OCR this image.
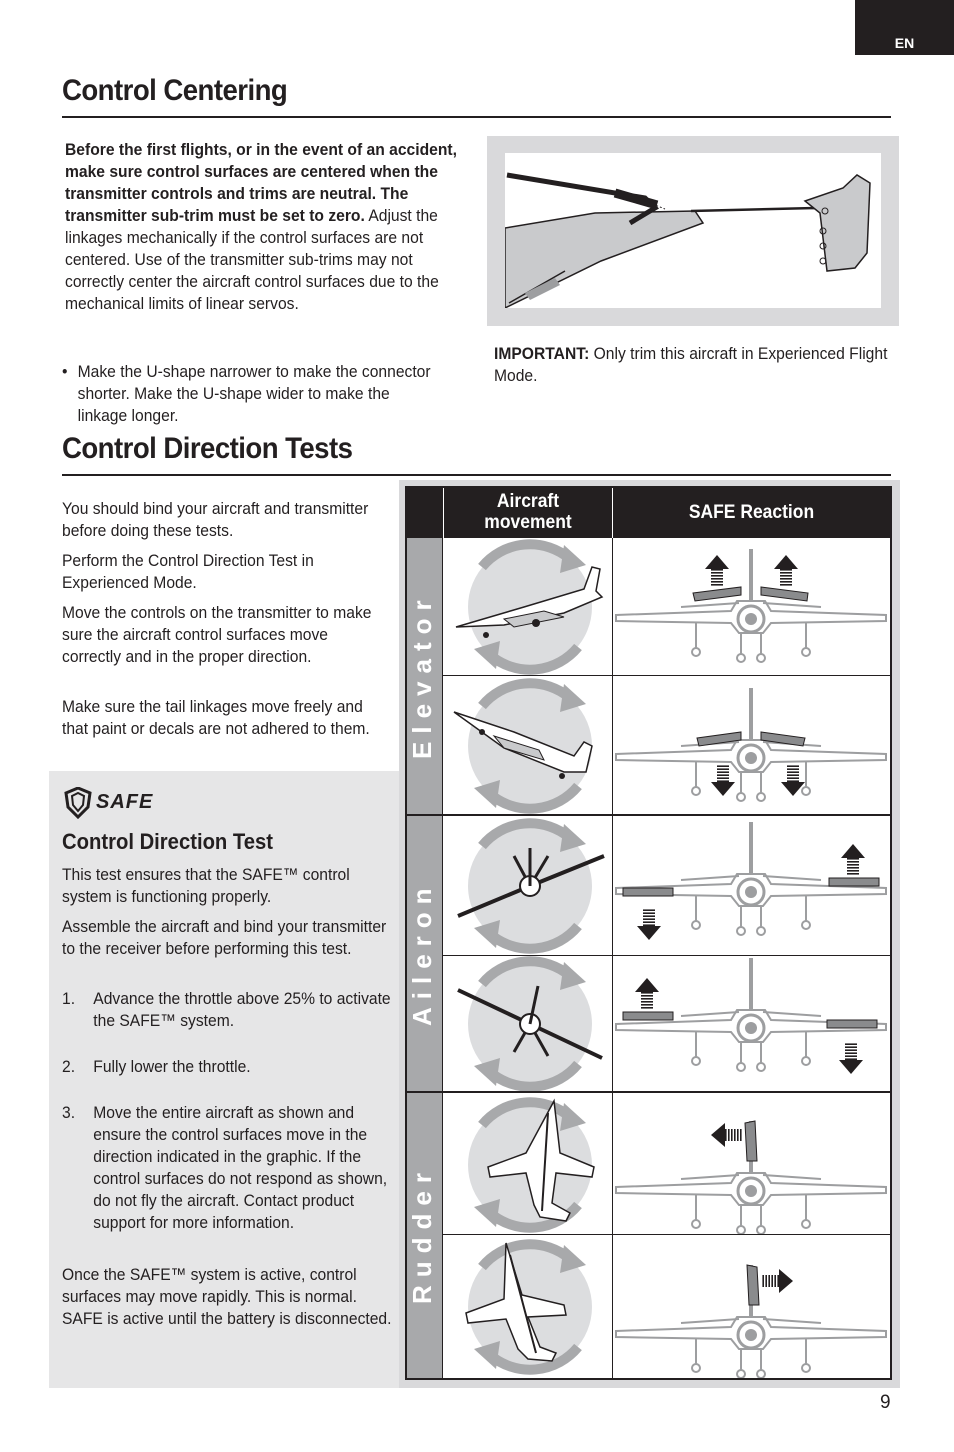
EN
Control Centering
Before the first flights, or in the event of an accident, make sure control surfaces are centered when the transmitter controls and trims are neutral. The transmitter sub-trim must be set to zero. Adjust the linkages mechanically if the control surfaces are not centered. Use of the transmitter sub-trims may not correctly center the aircraft control surfaces due to the mechanical limits of linear servos.
• Make the U-shape narrower to make the connector shorter. Make the U-shape wider to make the linkage longer.
IMPORTANT: Only trim this aircraft in Experienced Flight Mode.
Control Direction Tests

You should bind your aircraft and transmitter before doing these tests.

Perform the Control Direction Test in Experienced Mode.

Move the controls on the transmitter to make sure the aircraft control surfaces move correctly and in the proper direction.

Make sure the tail linkages move freely and that paint or decals are not adhered to them.

SAFE
Control Direction Test

This test ensures that the SAFE™ control system is functioning properly.

Assemble the aircraft and bind your transmitter to the receiver before performing this test.

1.	Advance the throttle above 25% to activate the SAFE™ system.
2.	Fully lower the throttle.
3.	Move the entire aircraft as shown and ensure the control surfaces move in the direction indicated in the graphic. If the control surfaces do not respond as shown, do not fly the aircraft. Contact product support for more information.

Once the SAFE™ system is active, control surfaces may move rapidly. This is normal. SAFE is active until the battery is disconnected.

Aircraft movement	SAFE Reaction
Elevator
Aileron
Rudder
9
